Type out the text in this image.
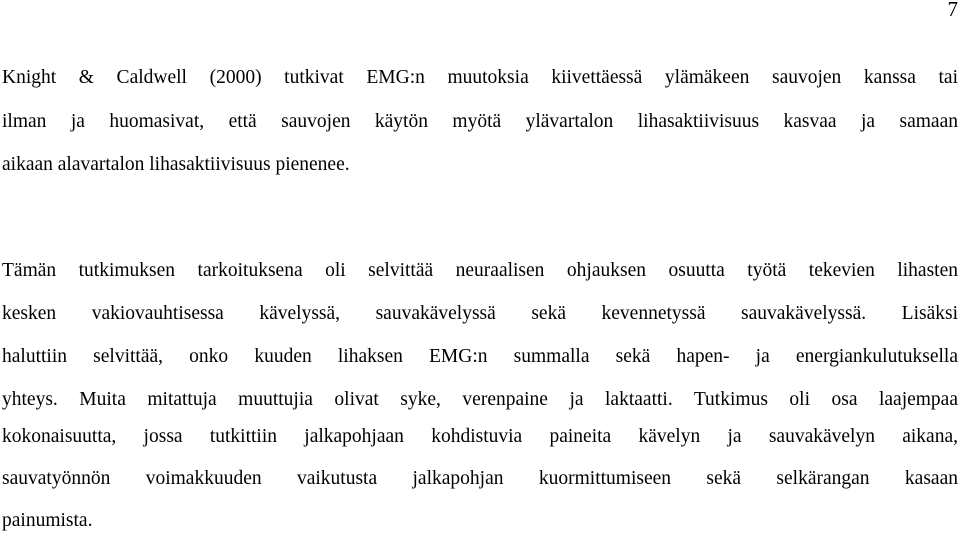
7
Knight & Caldwell (2000) tutkivat EMG:n muutoksia kiivettäessä ylämäkeen sauvojen kanssa tai
ilman ja huomasivat, että sauvojen käytön myötä ylävartalon lihasaktiivisuus kasvaa ja samaan
aikaan alavartalon lihasaktiivisuus pienenee.
Tämän tutkimuksen tarkoituksena oli selvittää neuraalisen ohjauksen osuutta työtä tekevien lihasten
kesken vakiovauhtisessa kävelyssä, sauvakävelyssä sekä kevennetyssä sauvakävelyssä. Lisäksi
haluttiin selvittää, onko kuuden lihaksen EMG:n summalla sekä hapen- ja energiankulutuksella
yhteys. Muita mitattuja muuttujia olivat syke, verenpaine ja laktaatti. Tutkimus oli osa laajempaa
kokonaisuutta, jossa tutkittiin jalkapohjaan kohdistuvia paineita kävelyn ja sauvakävelyn aikana,
sauvatyönnön voimakkuuden vaikutusta jalkapohjan kuormittumiseen sekä selkärangan kasaan
painumista.
